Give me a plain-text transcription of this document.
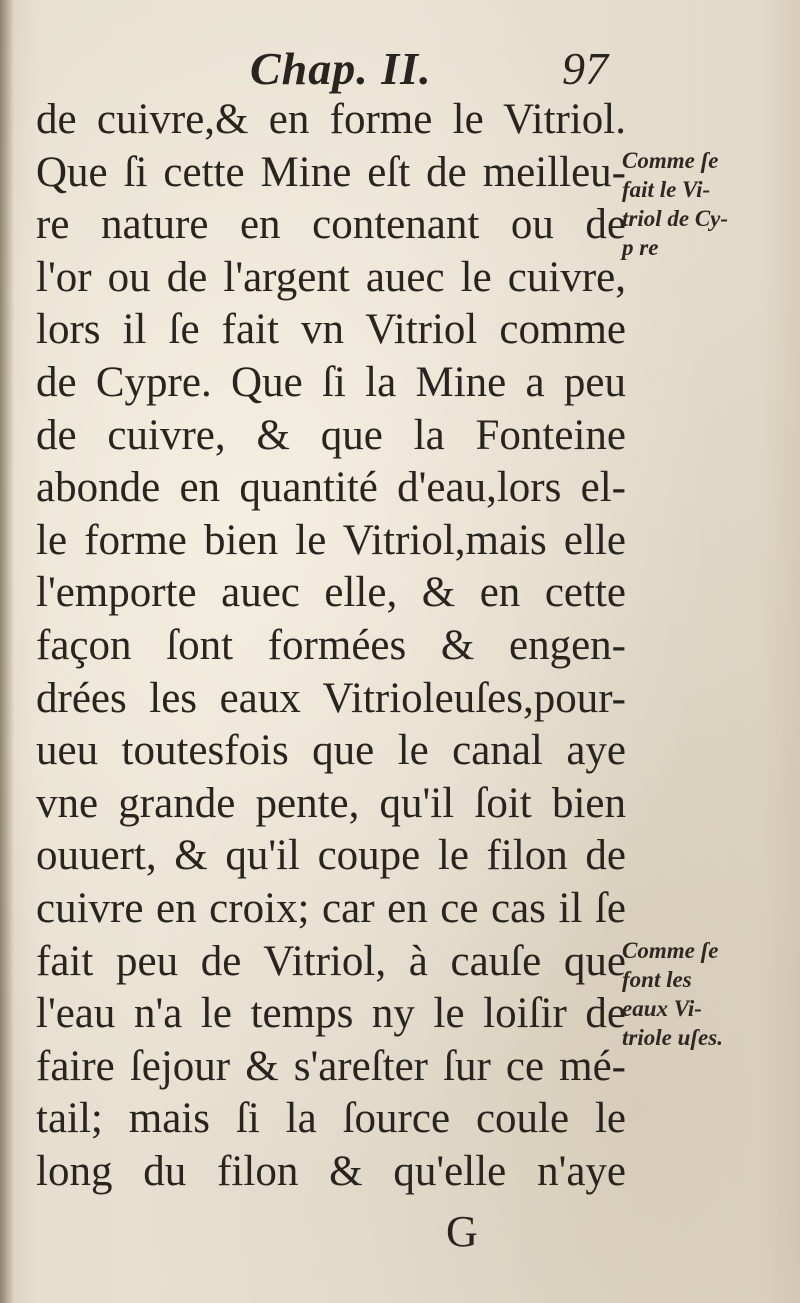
Chap. II.	97
de cuivre,& en forme le Vitriol.
Que ſi cette Mine eſt de meilleu-
re nature en contenant ou de
l'or ou de l'argent auec le cuivre,
lors il ſe fait vn Vitriol comme
de Cypre. Que ſi la Mine a peu
de cuivre, & que la Fonteine
abonde en quantité d'eau,lors el-
le forme bien le Vitriol,mais elle
l'emporte auec elle, & en cette
façon ſont formées & engen-
drées les eaux Vitrioleuſes,pour-
ueu toutesfois que le canal aye
vne grande pente, qu'il ſoit bien
ouuert, & qu'il coupe le filon de
cuivre en croix; car en ce cas il ſe
fait peu de Vitriol, à cauſe que
l'eau n'a le temps ny le loiſir de
faire ſejour & s'areſter ſur ce mé-
tail; mais ſi la ſource coule le
long du filon & qu'elle n'aye
Comme ſe
fait le Vi-
triol de Cy-
p re
Comme ſe
font les
eaux Vi-
triole uſes.
G
